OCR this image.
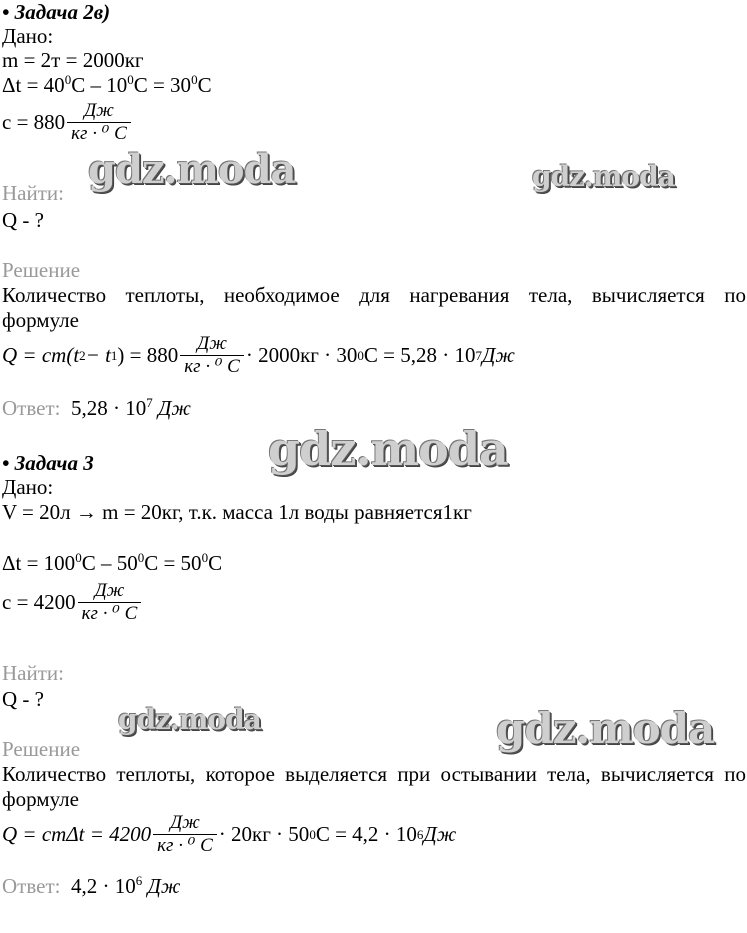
• Задача 2в)
Дано:
m = 2т = 2000кг
$\Delta t = 40^0С - 10^0С = 30^0С$
$с = 880 \frac{Дж}{\text{кг · ⁰ С}}$
Найти:
Q - ?
Решение
Количество теплоты, необходимое для нагревания тела, вычисляется по
формуле
Q = cm(t 2 − t 1 ) = $880 \frac{Дж}{\text{кг · ⁰ С}} \cdot 2000кг \cdot 30$ 0 С = 5,28 · 10 7 Дж
Ответ: $5,28 \cdot 10^7$ Дж
• Задача 3
Дано:
V = 20л → m = 20кг, т.к. масса 1л воды равняется1кг
$\Delta t = 100^0С - 50^0С = 50^0С$
$с = 4200 \frac{Дж}{\text{кг · ⁰ С}}$
Найти:
Q - ?
Решение
Количество теплоты, которое выделяется при остывании тела, вычисляется по
формуле
$Q = cm\Delta t = 4200 \frac{Дж}{\text{кг · ⁰ С}} \cdot 20кг \cdot 50$ 0 С = 4,2 · 10 6 Дж
Ответ: $4,2 \cdot 10^6$ Дж
gdz.moda	gdz.moda
gdz.moda
gdz.moda	gdz.moda
